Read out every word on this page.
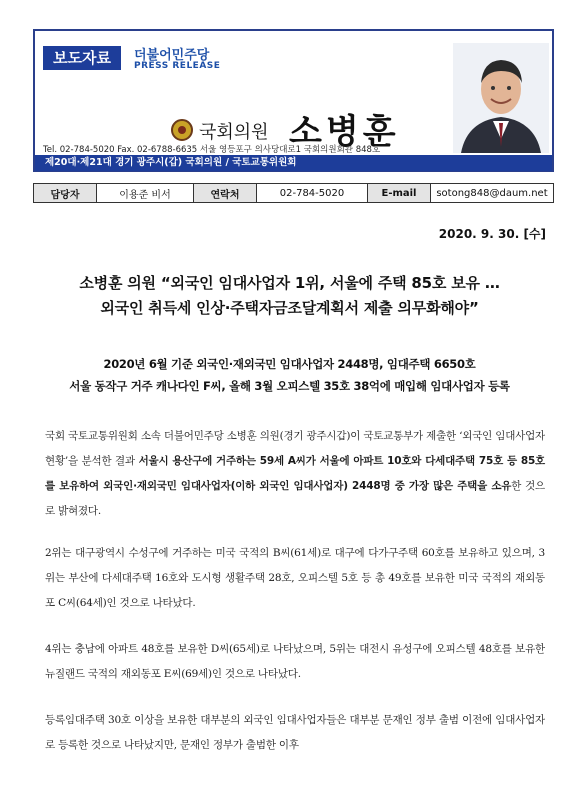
보도자료	더불어민주당
PRESS RELEASE
국회의원 소병훈
Tel. 02-784-5020 Fax. 02-6788-6635 서울 영등포구 의사당대로1 국회의원회관 848호
제20대·제21대 경기 광주시(갑) 국회의원 / 국토교통위원회
담당자	이용준 비서	연락처	02-784-5020	E-mail	sotong848@daum.net
2020. 9. 30. [수]
소병훈 의원 “외국인 임대사업자 1위, 서울에 주택 85호 보유 …
외국인 취득세 인상·주택자금조달계획서 제출 의무화해야”
2020년 6월 기준 외국인·재외국민 임대사업자 2448명, 임대주택 6650호
서울 동작구 거주 캐나다인 F씨, 올해 3월 오피스텔 35호 38억에 매입해 임대사업자 등록
국회 국토교통위원회 소속 더불어민주당 소병훈 의원(경기 광주시갑)이 국토교통부가 제출한 ‘외국인 임대사업자 현황’을 분석한 결과 서울시 용산구에 거주하는 59세 A씨가 서울에 아파트 10호와 다세대주택 75호 등 85호를 보유하여 외국인·재외국민 임대사업자(이하 외국인 임대사업자) 2448명 중 가장 많은 주택을 소유한 것으로 밝혀졌다.
2위는 대구광역시 수성구에 거주하는 미국 국적의 B씨(61세)로 대구에 다가구주택 60호를 보유하고 있으며, 3위는 부산에 다세대주택 16호와 도시형 생활주택 28호, 오피스텔 5호 등 총 49호를 보유한 미국 국적의 재외동포 C씨(64세)인 것으로 나타났다.
4위는 충남에 아파트 48호를 보유한 D씨(65세)로 나타났으며, 5위는 대전시 유성구에 오피스텔 48호를 보유한 뉴질랜드 국적의 재외동포 E씨(69세)인 것으로 나타났다.
등록임대주택 30호 이상을 보유한 대부분의 외국인 임대사업자들은 대부분 문재인 정부 출범 이전에 임대사업자로 등록한 것으로 나타났지만, 문재인 정부가 출범한 이후
